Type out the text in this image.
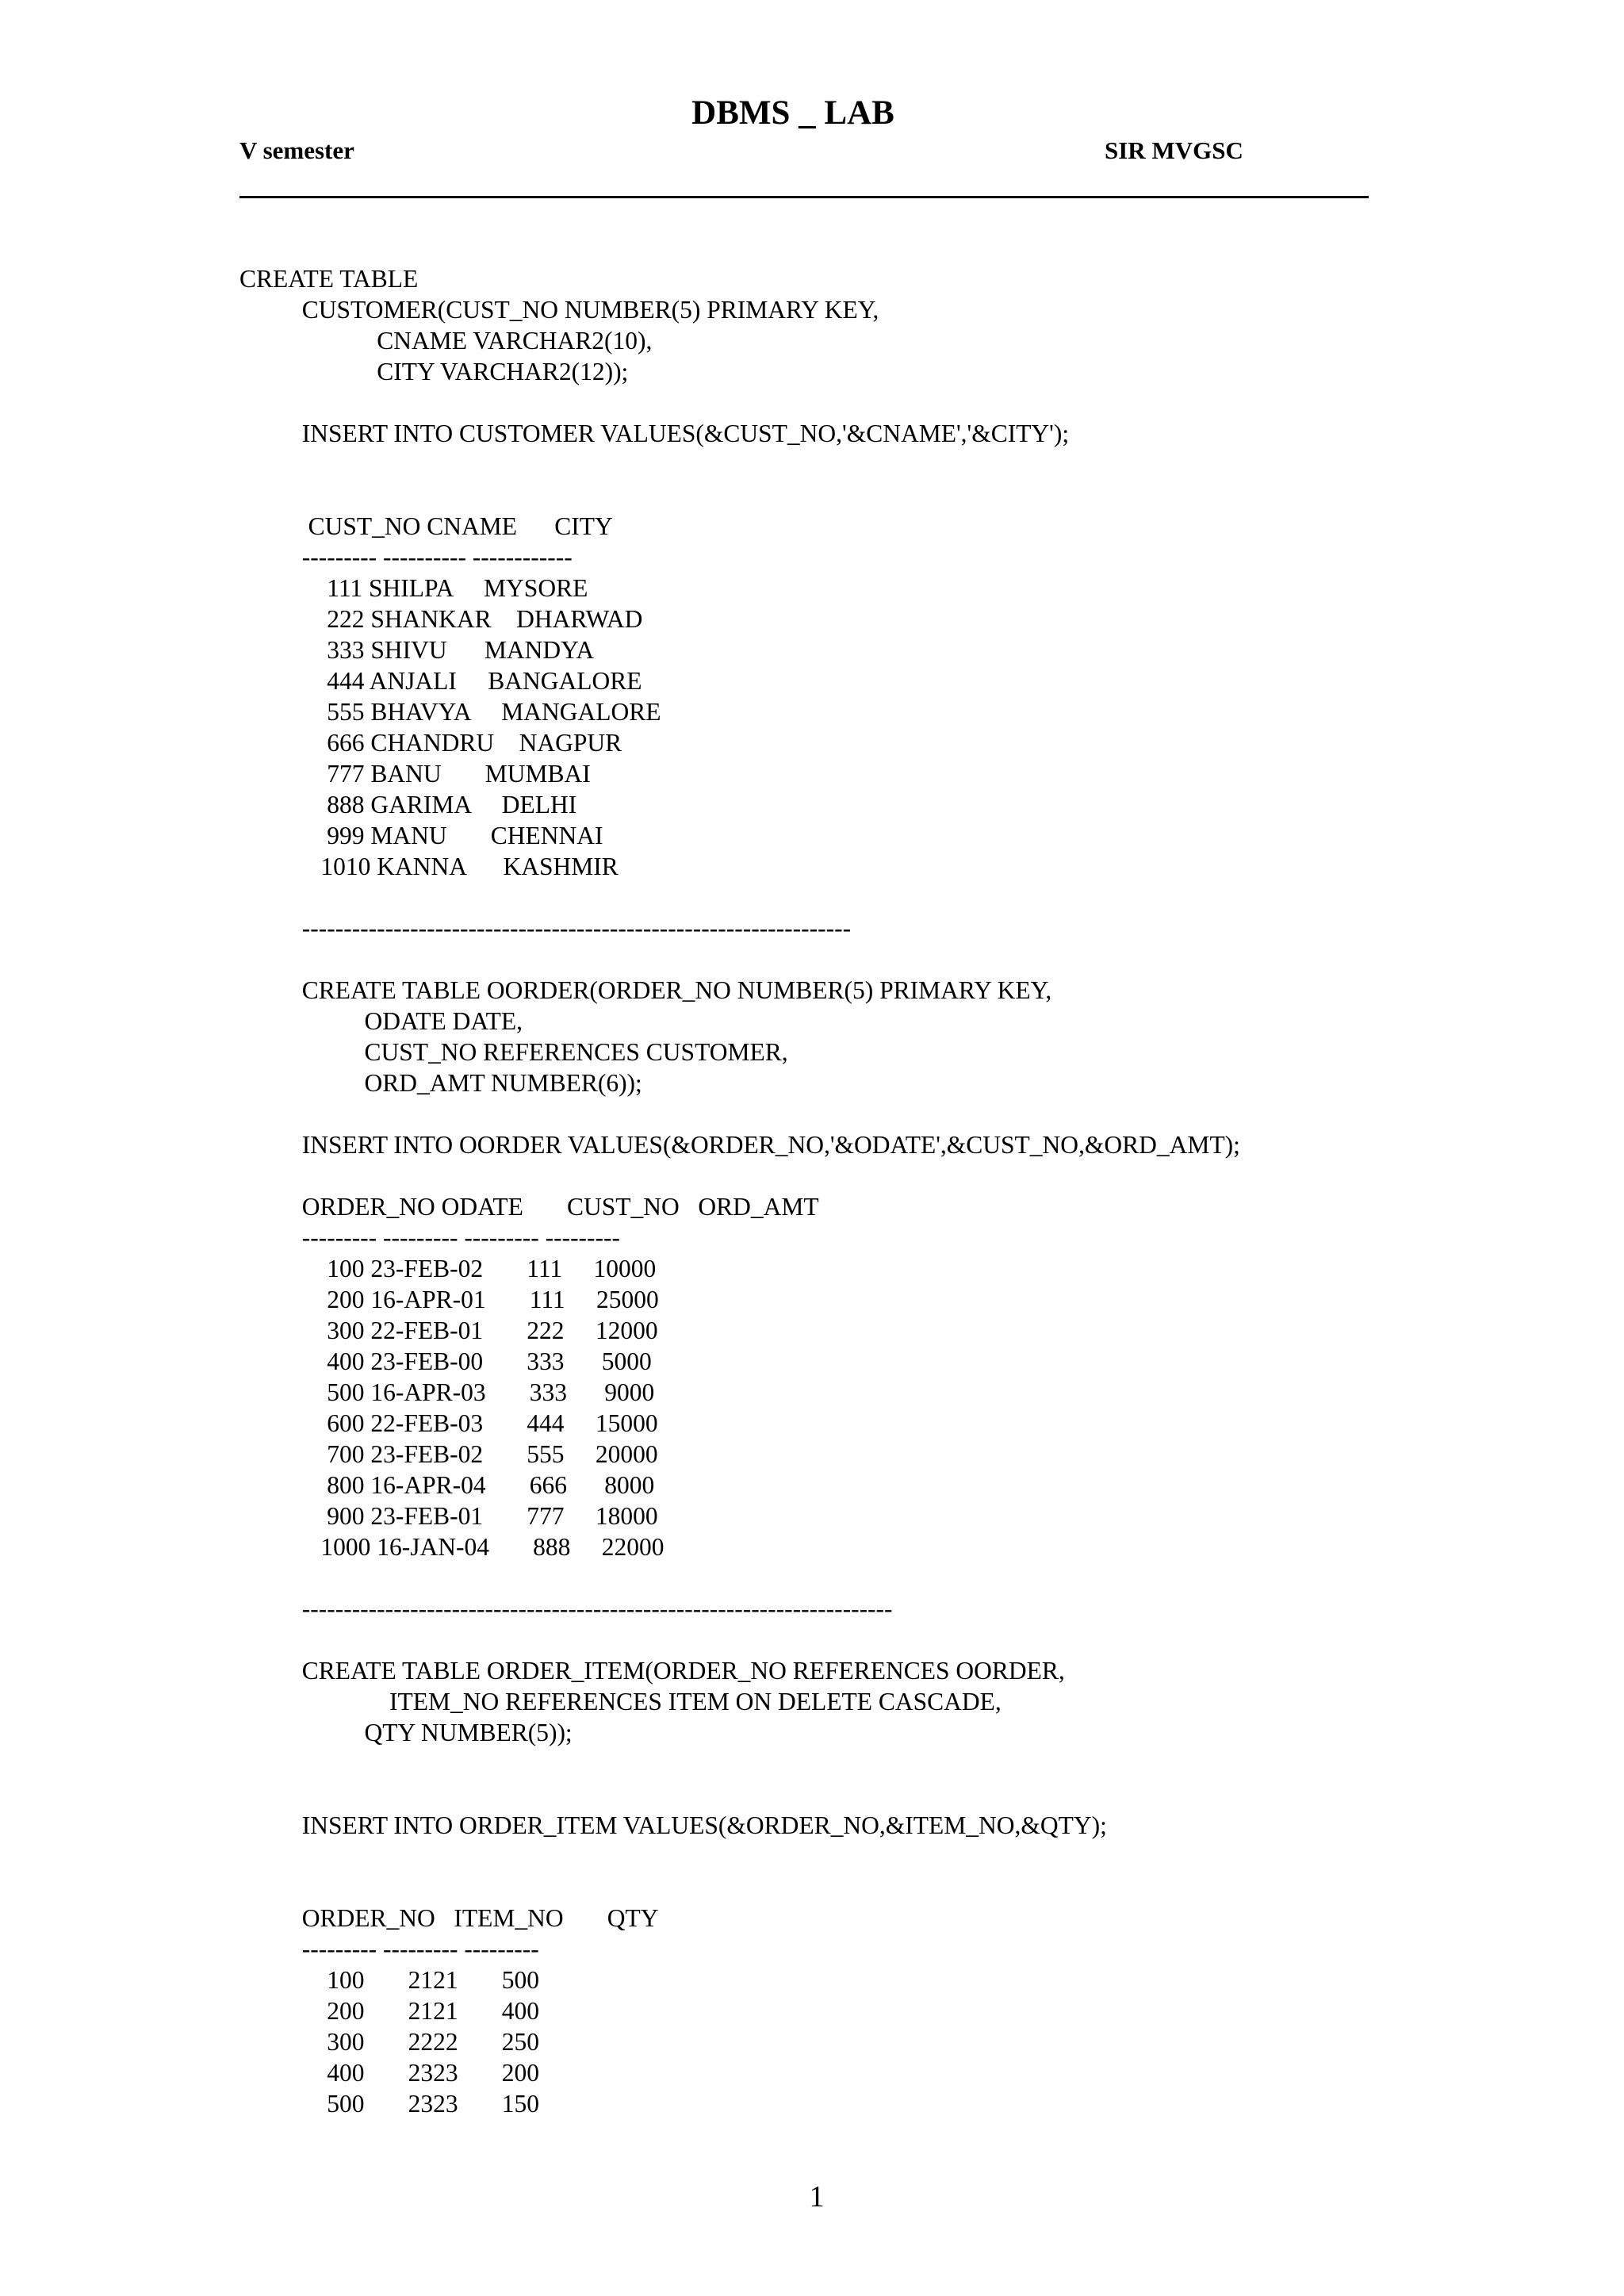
DBMS _ LAB
V semester	SIR MVGSC
CREATE TABLE
CUSTOMER(CUST_NO NUMBER(5) PRIMARY KEY,
CNAME VARCHAR2(10),
CITY VARCHAR2(12));
INSERT INTO CUSTOMER VALUES(&CUST_NO,'&CNAME','&CITY');
CUST_NO CNAME      CITY
--------- ---------- ------------
111 SHILPA     MYSORE
222 SHANKAR    DHARWAD
333 SHIVU      MANDYA
444 ANJALI     BANGALORE
555 BHAVYA     MANGALORE
666 CHANDRU    NAGPUR
777 BANU       MUMBAI
888 GARIMA     DELHI
999 MANU       CHENNAI
1010 KANNA      KASHMIR
------------------------------------------------------------------
CREATE TABLE OORDER(ORDER_NO NUMBER(5) PRIMARY KEY,
ODATE DATE,
CUST_NO REFERENCES CUSTOMER,
ORD_AMT NUMBER(6));
INSERT INTO OORDER VALUES(&ORDER_NO,'&ODATE',&CUST_NO,&ORD_AMT);
ORDER_NO ODATE       CUST_NO   ORD_AMT
--------- --------- --------- ---------
100 23-FEB-02       111     10000
200 16-APR-01       111     25000
300 22-FEB-01       222     12000
400 23-FEB-00       333      5000
500 16-APR-03       333      9000
600 22-FEB-03       444     15000
700 23-FEB-02       555     20000
800 16-APR-04       666      8000
900 23-FEB-01       777     18000
1000 16-JAN-04       888     22000
-----------------------------------------------------------------------
CREATE TABLE ORDER_ITEM(ORDER_NO REFERENCES OORDER,
ITEM_NO REFERENCES ITEM ON DELETE CASCADE,
QTY NUMBER(5));
INSERT INTO ORDER_ITEM VALUES(&ORDER_NO,&ITEM_NO,&QTY);
ORDER_NO   ITEM_NO       QTY
--------- --------- ---------
100       2121       500
200       2121       400
300       2222       250
400       2323       200
500       2323       150
1
